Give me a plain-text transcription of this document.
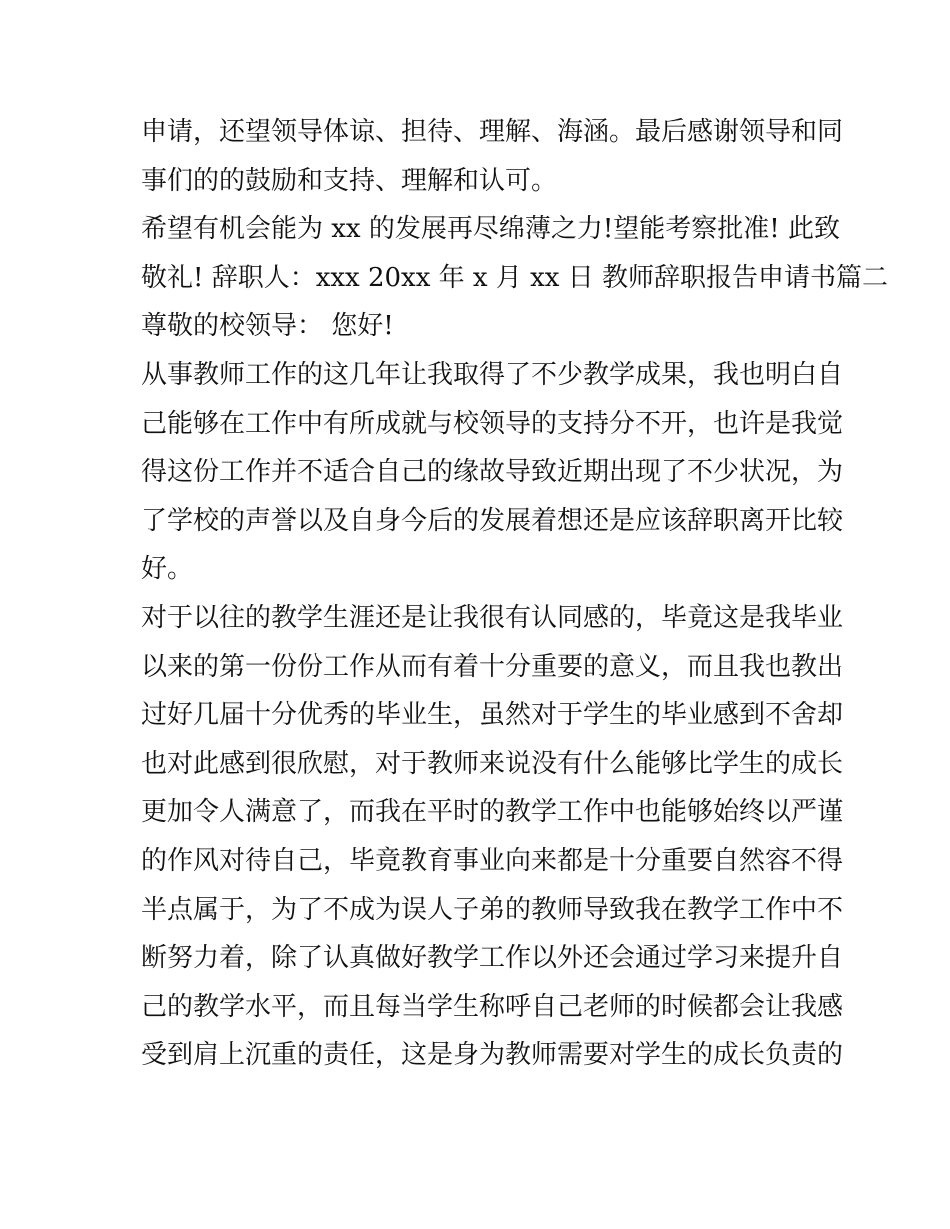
申请，还望领导体谅、担待、理解、海涵。最后感谢领导和同
事们的的鼓励和支持、理解和认可。
希望有机会能为 xx 的发展再尽绵薄之力!望能考察批准! 此致
敬礼! 辞职人：xxx 20xx 年 x 月 xx 日 教师辞职报告申请书篇二
尊敬的校领导： 您好!
从事教师工作的这几年让我取得了不少教学成果，我也明白自
己能够在工作中有所成就与校领导的支持分不开，也许是我觉
得这份工作并不适合自己的缘故导致近期出现了不少状况，为
了学校的声誉以及自身今后的发展着想还是应该辞职离开比较
好。
对于以往的教学生涯还是让我很有认同感的，毕竟这是我毕业
以来的第一份份工作从而有着十分重要的意义，而且我也教出
过好几届十分优秀的毕业生，虽然对于学生的毕业感到不舍却
也对此感到很欣慰，对于教师来说没有什么能够比学生的成长
更加令人满意了，而我在平时的教学工作中也能够始终以严谨
的作风对待自己，毕竟教育事业向来都是十分重要自然容不得
半点属于，为了不成为误人子弟的教师导致我在教学工作中不
断努力着，除了认真做好教学工作以外还会通过学习来提升自
己的教学水平，而且每当学生称呼自己老师的时候都会让我感
受到肩上沉重的责任，这是身为教师需要对学生的成长负责的
